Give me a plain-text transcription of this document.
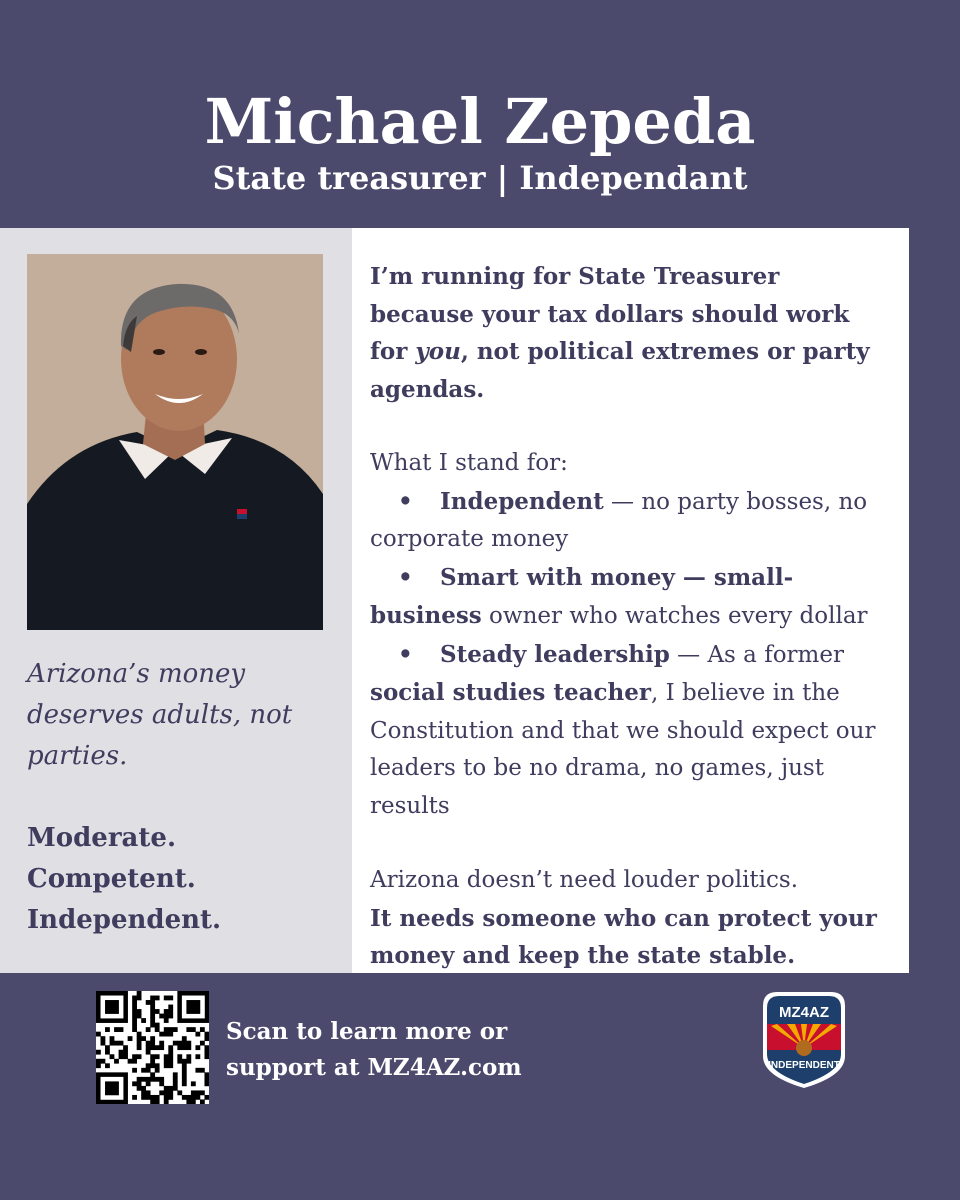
Michael Zepeda
State treasurer | Independant
Arizona’s money deserves adults, not parties.
Moderate.
Competent.
Independent.

I’m running for State Treasurer because your tax dollars should work for you, not political extremes or party agendas.

What I stand for:

• Independent — no party bosses, no corporate money

• Smart with money — small-business owner who watches every dollar

• Steady leadership — As a former social studies teacher, I believe in the Constitution and that we should expect our leaders to be no drama, no games, just results

Arizona doesn’t need louder politics.

It needs someone who can protect your money and keep the state stable.

Scan to learn more or support at MZ4AZ.com
MZ4AZ
INDEPENDENT
